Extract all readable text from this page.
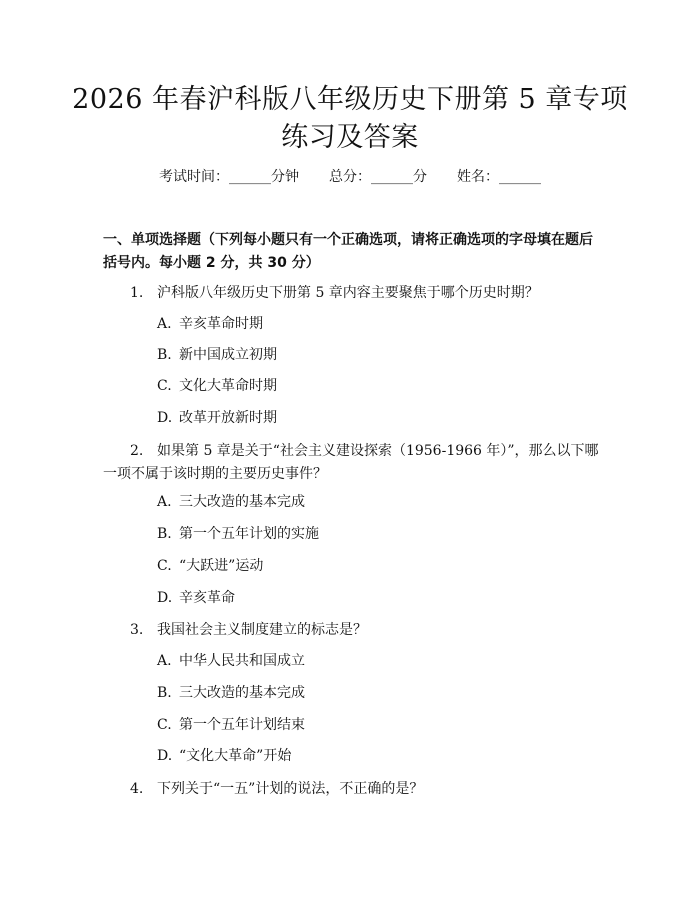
2026 年春沪科版八年级历史下册第 5 章专项
练习及答案
考试时间：______分钟 总分：______分 姓名：______
一、单项选择题（下列每小题只有一个正确选项，请将正确选项的字母填在题后括号内。每小题 2 分，共 30 分）
1. 沪科版八年级历史下册第 5 章内容主要聚焦于哪个历史时期？
A. 辛亥革命时期
B. 新中国成立初期
C. 文化大革命时期
D. 改革开放新时期
2. 如果第 5 章是关于“社会主义建设探索（1956-1966 年）”，那么以下哪一项不属于该时期的主要历史事件？
A. 三大改造的基本完成
B. 第一个五年计划的实施
C. “大跃进”运动
D. 辛亥革命
3. 我国社会主义制度建立的标志是？
A. 中华人民共和国成立
B. 三大改造的基本完成
C. 第一个五年计划结束
D. “文化大革命”开始
4. 下列关于“一五”计划的说法，不正确的是？
